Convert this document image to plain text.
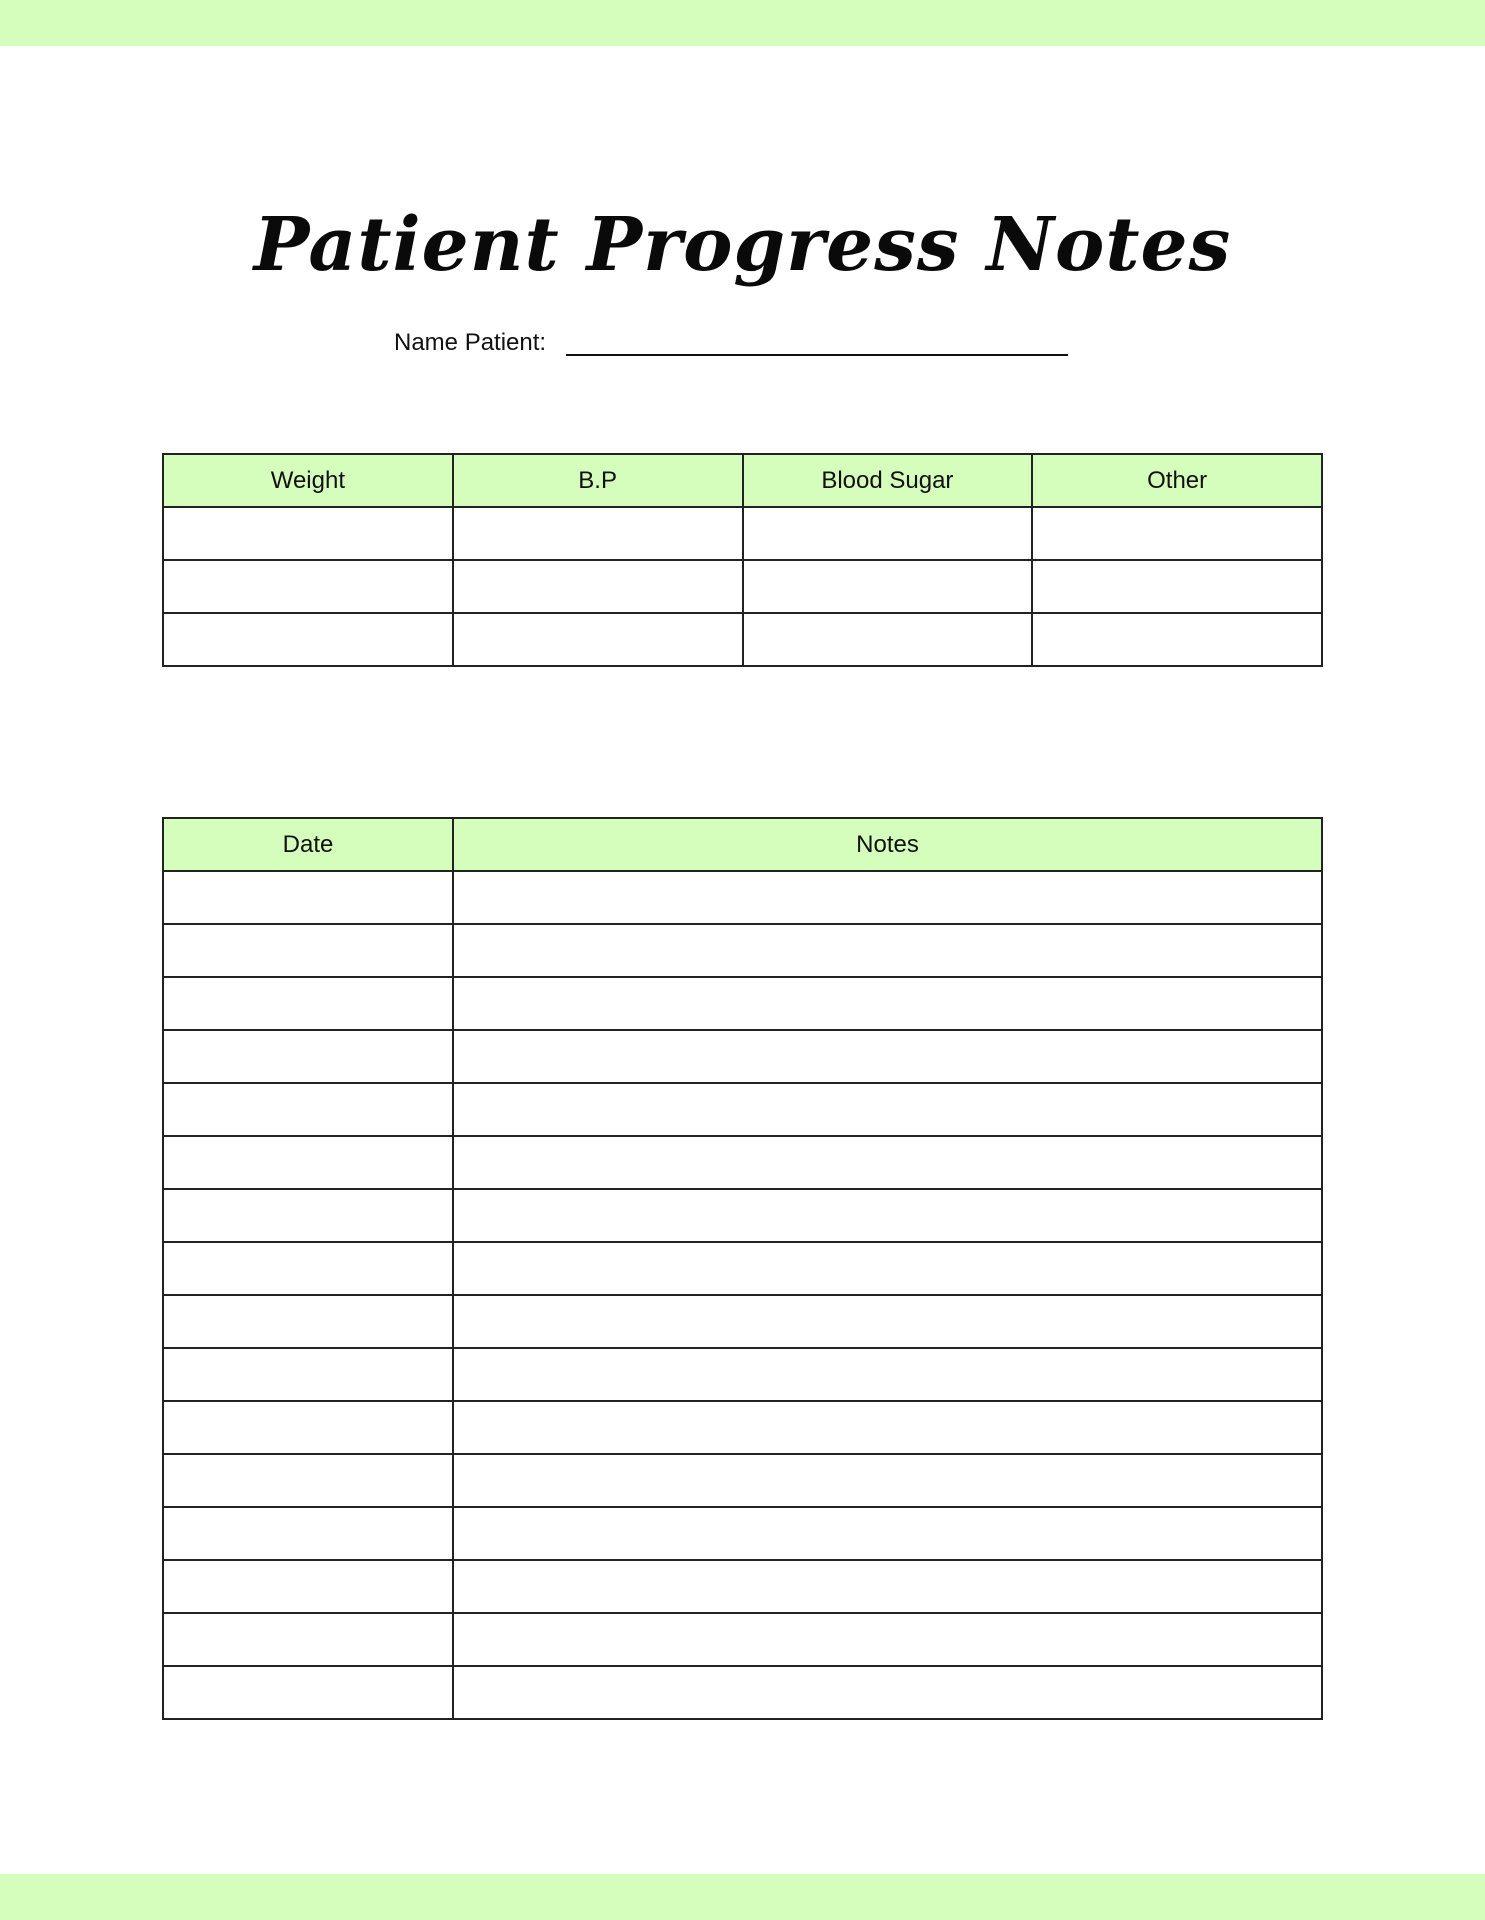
Patient Progress Notes
Name Patient:
Weight	B.P	Blood Sugar	Other

Date	Notes
